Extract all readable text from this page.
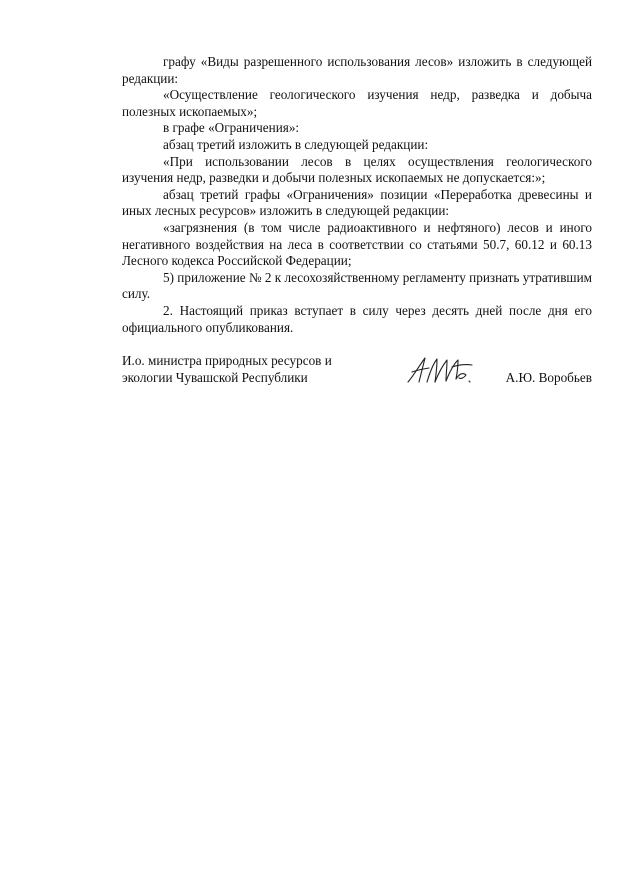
графу «Виды разрешенного использования лесов» изложить в следующей редакции:

«Осуществление геологического изучения недр, разведка и добыча полезных ископаемых»;

в графе «Ограничения»:

абзац третий изложить в следующей редакции:

«При использовании лесов в целях осуществления геологического изучения недр, разведки и добычи полезных ископаемых не допускается:»;

абзац третий графы «Ограничения» позиции «Переработка древесины и иных лесных ресурсов» изложить в следующей редакции:

«загрязнения (в том числе радиоактивного и нефтяного) лесов и иного негативного воздействия на леса в соответствии со статьями 50.7, 60.12 и 60.13 Лесного кодекса Российской Федерации;

5) приложение № 2 к лесохозяйственному регламенту признать утратившим силу.

2. Настоящий приказ вступает в силу через десять дней после дня его официального опубликования.

И.о. министра природных ресурсов и
экологии Чувашской Республики	А.Ю. Воробьев
